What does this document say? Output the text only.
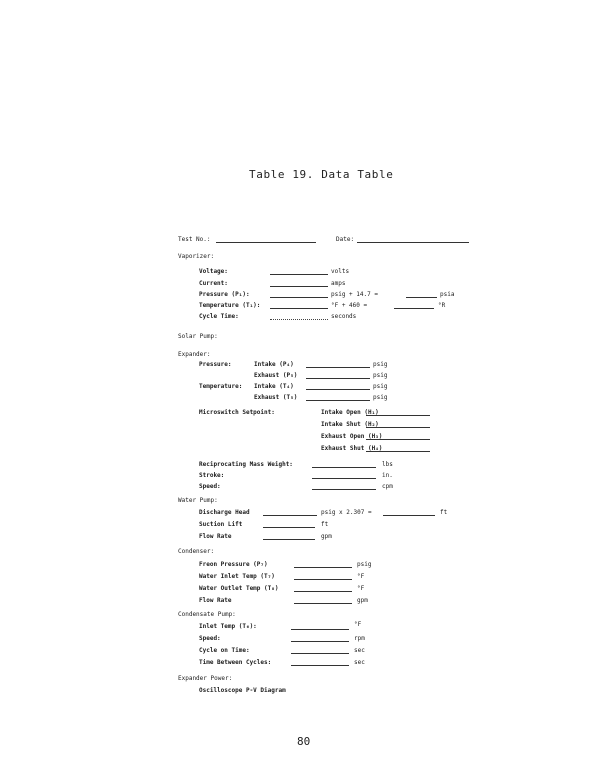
Table 19. Data Table
Test No.:	Date:
Vaporizer:
Voltage:	volts
Current:	amps
Pressure (P₁):	psig + 14.7 =	psia
Temperature (T₁):	°F + 460 =	°R
Cycle Time:	seconds
Solar Pump:
Expander:
Pressure:	Intake (P₄)	psig
Exhaust (P₅)	psig
Temperature: Intake (T₄)	psig
Exhaust (T₅)	psig
Microswitch Setpoint:	Intake Open (H₁)
Intake Shut (H₂)
Exhaust Open (H₃)
Exhaust Shut (H₄)
Reciprocating Mass Weight:	lbs
Stroke:	in.
Speed:	cpm
Water Pump:
Discharge Head	psig x 2.307 =	ft
Suction Lift	ft
Flow Rate	gpm
Condenser:
Freon Pressure (P₇)	psig
Water Inlet Temp (T₇)	°F
Water Outlet Temp (T₈)	°F
Flow Rate	gpm
Condensate Pump:
Inlet Temp (T₆):	°F
Speed:	rpm
Cycle on Time:	sec
Time Between Cycles:	sec
Expander Power:
Oscilloscope P-V Diagram
80
